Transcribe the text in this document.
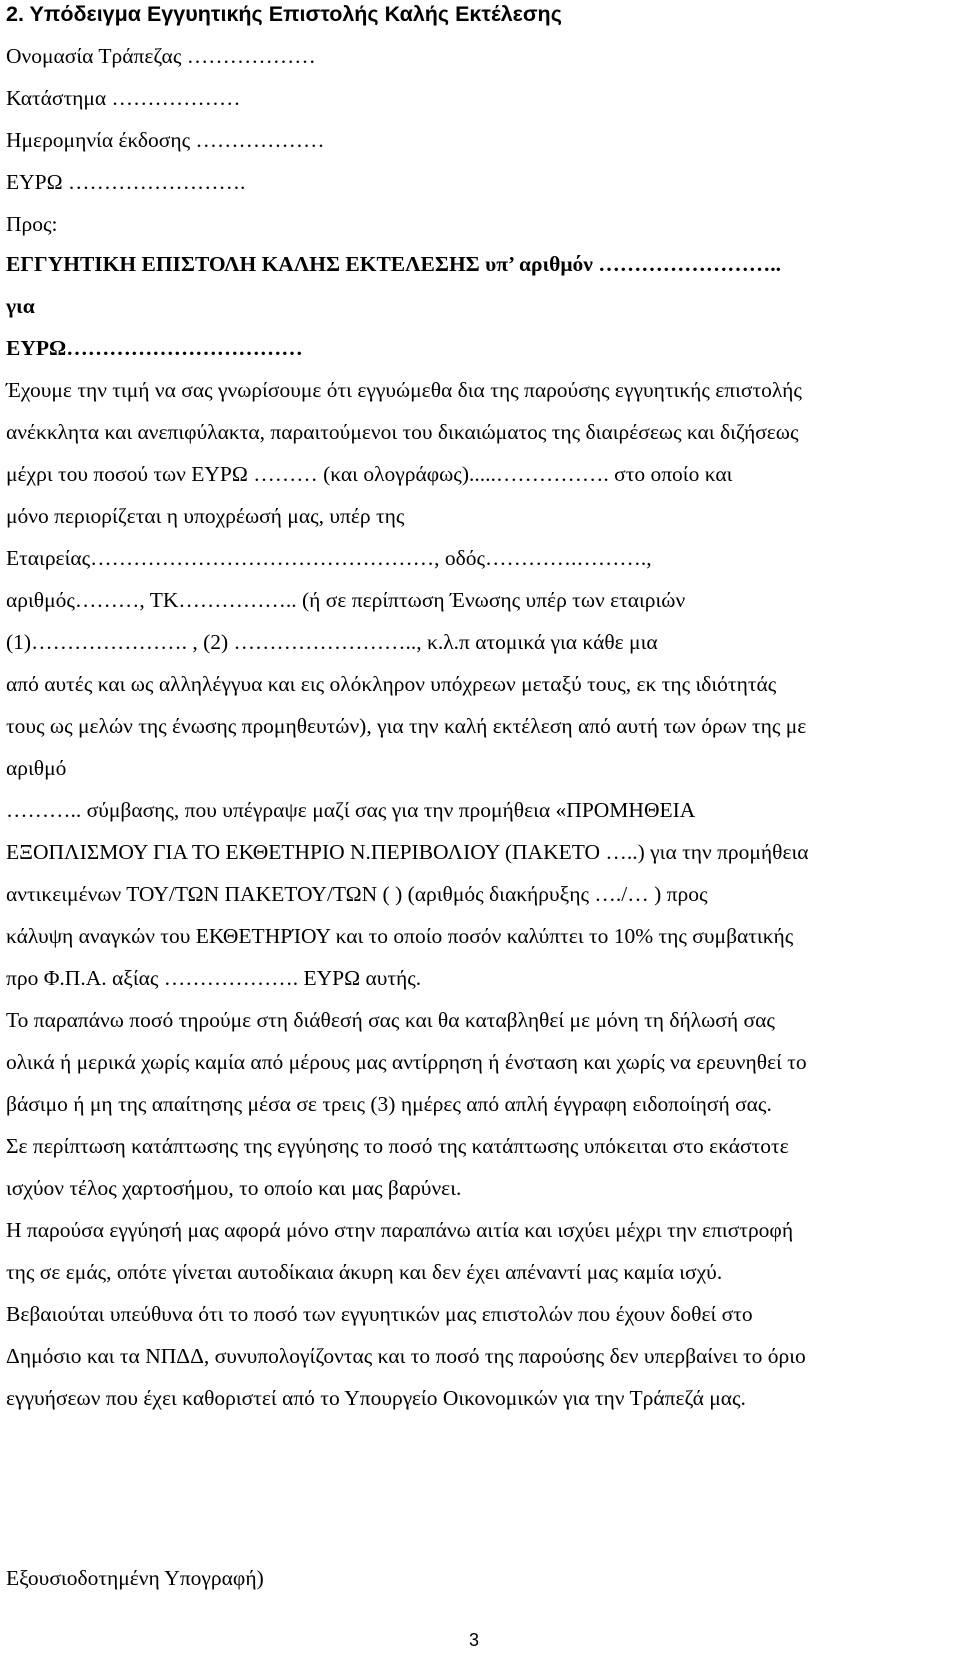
2. Υπόδειγμα Εγγυητικής Επιστολής Καλής Εκτέλεσης
Ονομασία Τράπεζας ………………
Κατάστημα ………………
Ημερομηνία έκδοσης ………………
ΕΥΡΩ …………………….
Προς:
ΕΓΓΥΗΤΙΚΗ ΕΠΙΣΤΟΛΗ ΚΑΛΗΣ ΕΚΤΕΛΕΣΗΣ υπ’ αριθμόν ……………………..
για
ΕΥΡΩ……………………………
Έχουμε την τιμή να σας γνωρίσουμε ότι εγγυώμεθα δια της παρούσης εγγυητικής επιστολής
ανέκκλητα και ανεπιφύλακτα, παραιτούμενοι του δικαιώματος της διαιρέσεως και διζήσεως
μέχρι του ποσού των ΕΥΡΩ ……… (και ολογράφως).....……………. στο οποίο και
μόνο περιορίζεται η υποχρέωσή μας, υπέρ της
Εταιρείας…………………………………………, οδός………….……….,
αριθμός………, ΤΚ…………….. (ή σε περίπτωση Ένωσης υπέρ των εταιριών
(1)…………………. , (2) …………………….., κ.λ.π ατομικά για κάθε μια
από αυτές και ως αλληλέγγυα και εις ολόκληρον υπόχρεων μεταξύ τους, εκ της ιδιότητάς
τους ως μελών της ένωσης προμηθευτών), για την καλή εκτέλεση από αυτή των όρων της με
αριθμό
……….. σύμβασης, που υπέγραψε μαζί σας για την προμήθεια «ΠΡΟΜΗΘΕΙΑ
ΕΞΟΠΛΙΣΜΟΥ ΓΙΑ ΤΟ ΕΚΘΕΤΗΡΙΟ Ν.ΠΕΡΙΒΟΛΙΟΥ (ΠΑΚΕΤΟ …..) για την προμήθεια
αντικειμένων ΤΟΥ/ΤΩΝ ΠΑΚΕΤΟΥ/ΤΩΝ ( ) (αριθμός διακήρυξης …./… ) προς
κάλυψη αναγκών του ΕΚΘΕΤΗΡΊΟΥ και το οποίο ποσόν καλύπτει το 10% της συμβατικής
προ Φ.Π.Α. αξίας ………………. ΕΥΡΩ αυτής.
Το παραπάνω ποσό τηρούμε στη διάθεσή σας και θα καταβληθεί με μόνη τη δήλωσή σας
ολικά ή μερικά χωρίς καμία από μέρους μας αντίρρηση ή ένσταση και χωρίς να ερευνηθεί το
βάσιμο ή μη της απαίτησης μέσα σε τρεις (3) ημέρες από απλή έγγραφη ειδοποίησή σας.
Σε περίπτωση κατάπτωσης της εγγύησης το ποσό της κατάπτωσης υπόκειται στο εκάστοτε
ισχύον τέλος χαρτοσήμου, το οποίο και μας βαρύνει.
Η παρούσα εγγύησή μας αφορά μόνο στην παραπάνω αιτία και ισχύει μέχρι την επιστροφή
της σε εμάς, οπότε γίνεται αυτοδίκαια άκυρη και δεν έχει απέναντί μας καμία ισχύ.
Βεβαιούται υπεύθυνα ότι το ποσό των εγγυητικών μας επιστολών που έχουν δοθεί στο
Δημόσιο και τα ΝΠΔΔ, συνυπολογίζοντας και το ποσό της παρούσης δεν υπερβαίνει το όριο
εγγυήσεων που έχει καθοριστεί από το Υπουργείο Οικονομικών για την Τράπεζά μας.
Εξουσιοδοτημένη Υπογραφή)
3
